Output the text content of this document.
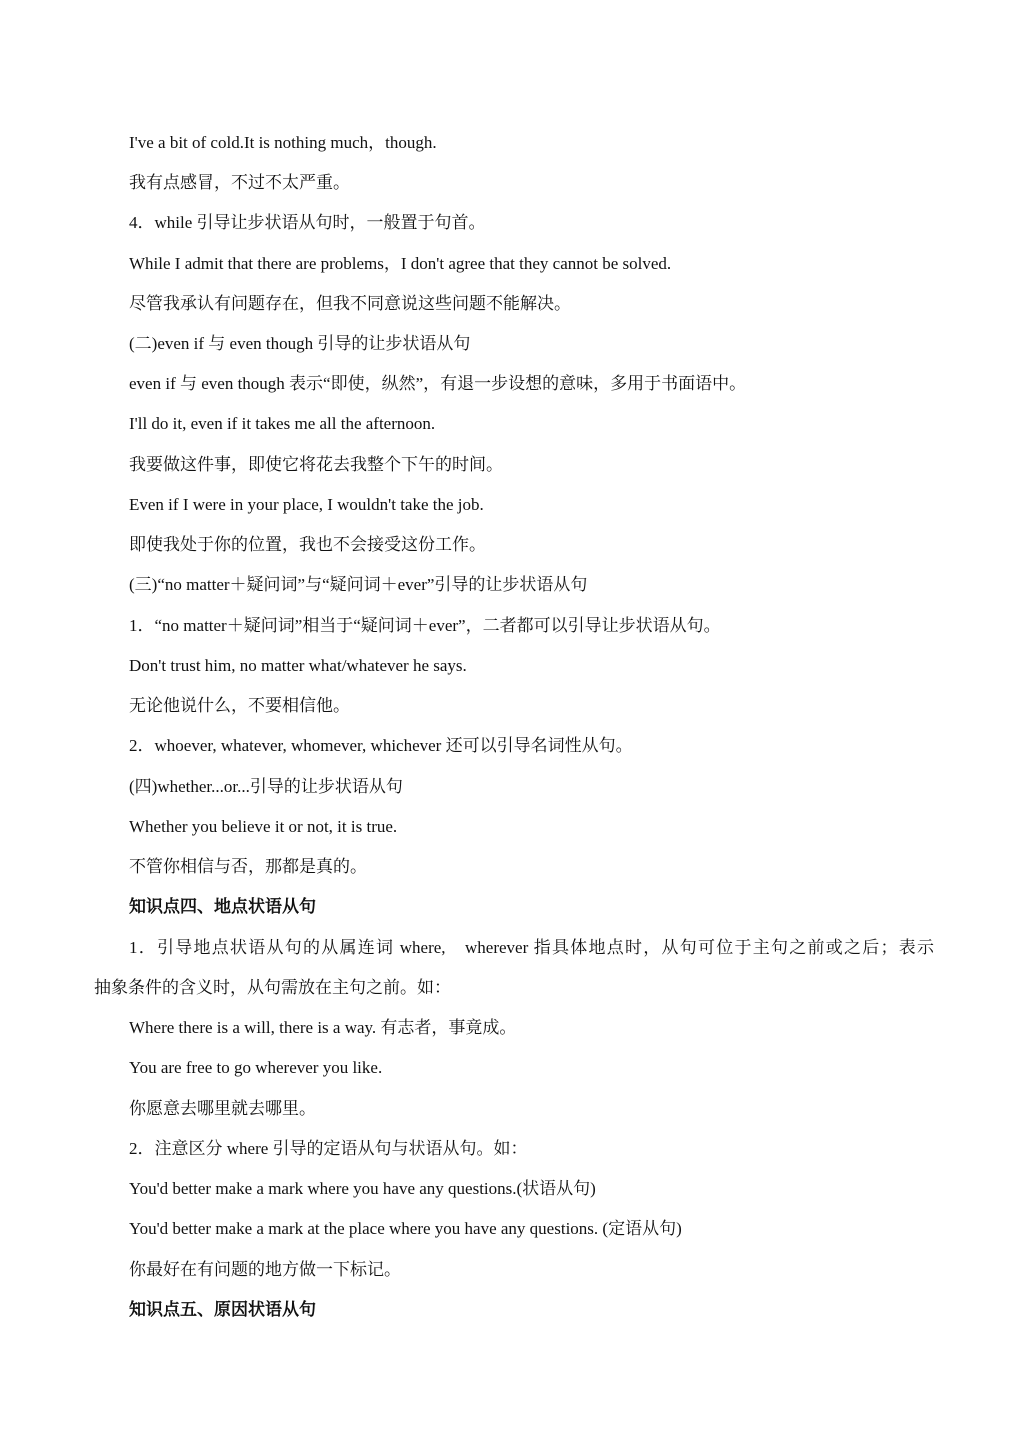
I've a bit of cold.It is nothing much，though.
我有点感冒，不过不太严重。
4．while 引导让步状语从句时，一般置于句首。
While I admit that there are problems，I don't agree that they cannot be solved.
尽管我承认有问题存在，但我不同意说这些问题不能解决。
(二)even if 与 even though 引导的让步状语从句
even if 与 even though 表示“即使，纵然”，有退一步设想的意味，多用于书面语中。
I'll do it, even if it takes me all the afternoon.
我要做这件事，即使它将花去我整个下午的时间。
Even if I were in your place, I wouldn't take the job.
即使我处于你的位置，我也不会接受这份工作。
(三)“no matter＋疑问词”与“疑问词＋ever”引导的让步状语从句
1．“no matter＋疑问词”相当于“疑问词＋ever”，二者都可以引导让步状语从句。
Don't trust him, no matter what/whatever he says.
无论他说什么，不要相信他。
2．whoever, whatever, whomever, whichever 还可以引导名词性从句。
(四)whether...or...引导的让步状语从句
Whether you believe it or not, it is true.
不管你相信与否，那都是真的。
知识点四、地点状语从句
1．引导地点状语从句的从属连词 where,　wherever 指具体地点时，从句可位于主句之前或之后；表示
抽象条件的含义时，从句需放在主句之前。如：
Where there is a will, there is a way. 有志者，事竟成。
You are free to go wherever you like.
你愿意去哪里就去哪里。
2．注意区分 where 引导的定语从句与状语从句。如：
You'd better make a mark where you have any questions.(状语从句)
You'd better make a mark at the place where you have any questions. (定语从句)
你最好在有问题的地方做一下标记。
知识点五、原因状语从句
